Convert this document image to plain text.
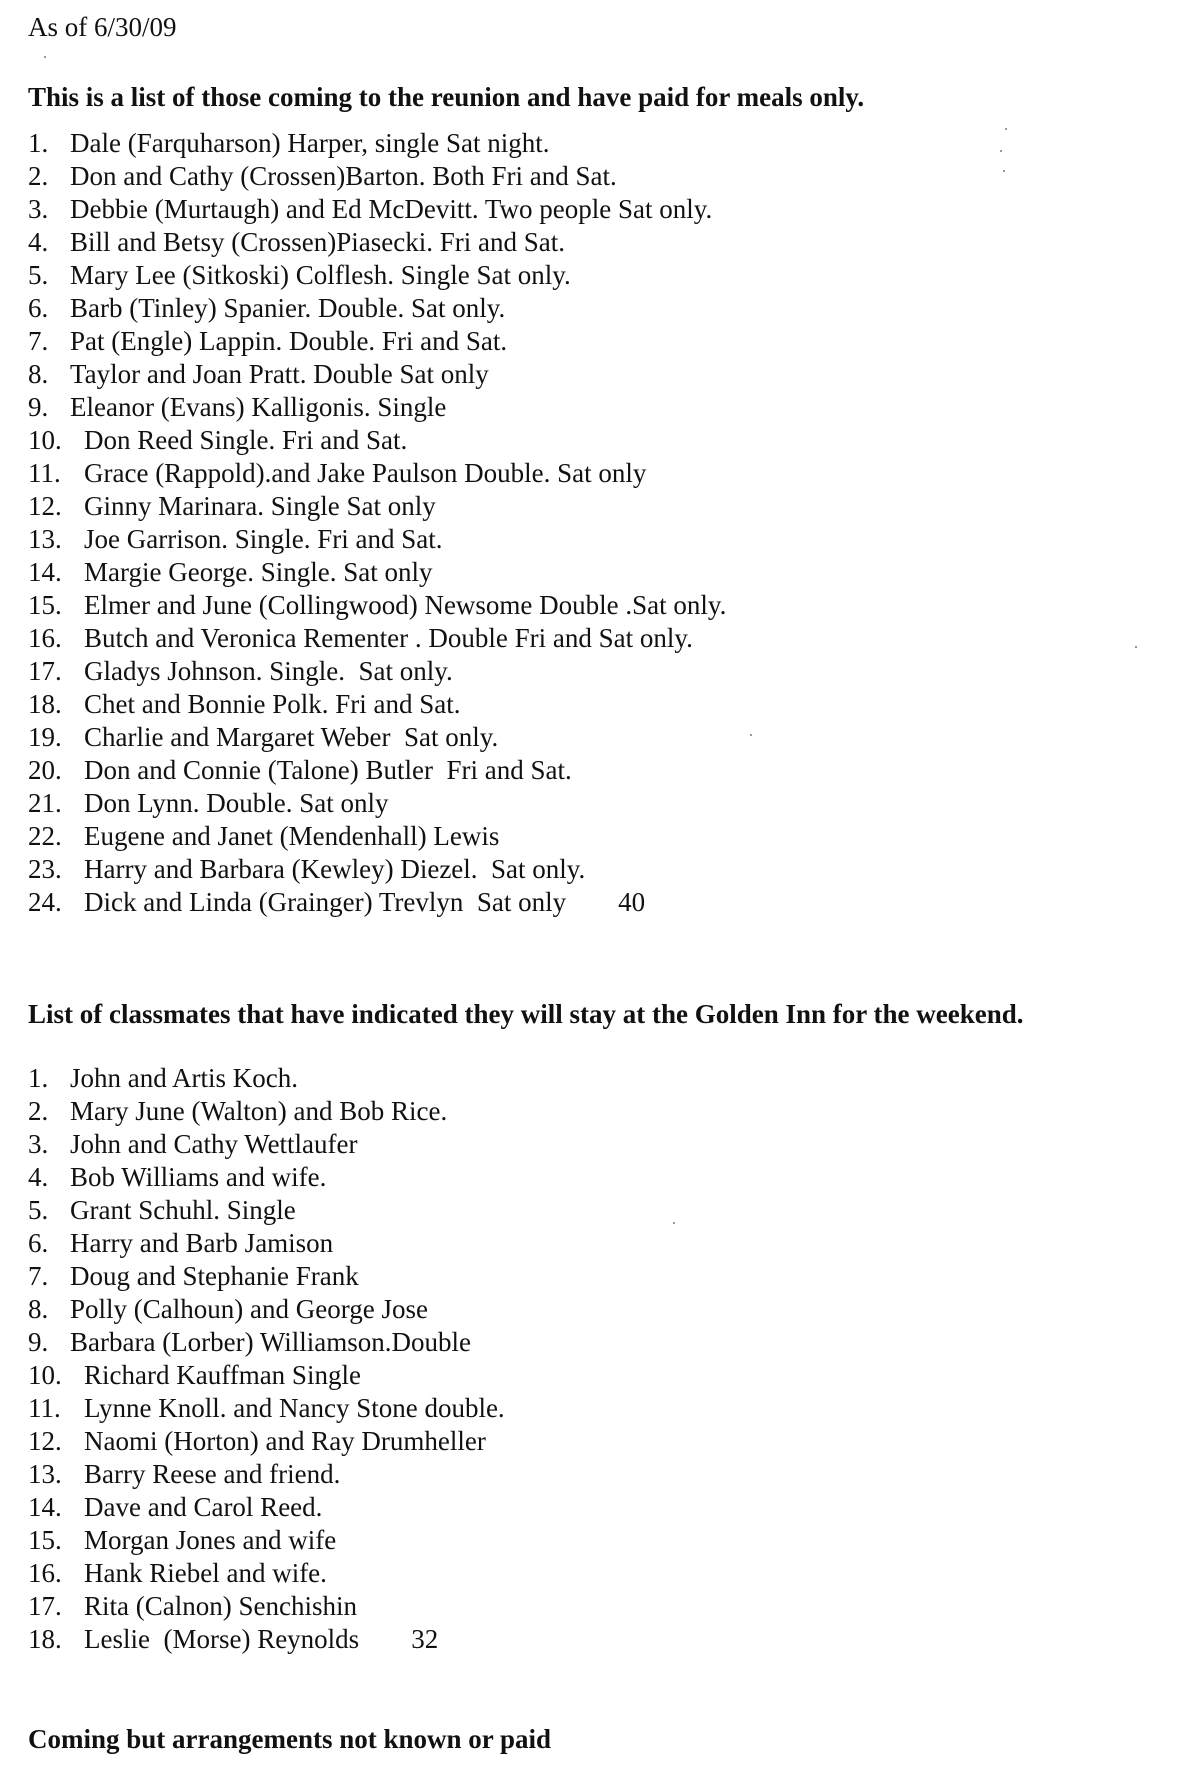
As of 6/30/09
This is a list of those coming to the reunion and have paid for meals only.
1. Dale (Farquharson) Harper, single Sat night.
2. Don and Cathy (Crossen)Barton. Both Fri and Sat.
3. Debbie (Murtaugh) and Ed McDevitt. Two people Sat only.
4. Bill and Betsy (Crossen)Piasecki. Fri and Sat.
5. Mary Lee (Sitkoski) Colflesh. Single Sat only.
6. Barb (Tinley) Spanier. Double. Sat only.
7. Pat (Engle) Lappin. Double. Fri and Sat.
8. Taylor and Joan Pratt. Double Sat only
9. Eleanor (Evans) Kalligonis. Single
10. Don Reed Single. Fri and Sat.
11. Grace (Rappold).and Jake Paulson Double. Sat only
12. Ginny Marinara. Single Sat only
13. Joe Garrison. Single. Fri and Sat.
14. Margie George. Single. Sat only
15. Elmer and June (Collingwood) Newsome Double .Sat only.
16. Butch and Veronica Rementer . Double Fri and Sat only.
17. Gladys Johnson. Single.  Sat only.
18. Chet and Bonnie Polk. Fri and Sat.
19. Charlie and Margaret Weber  Sat only.
20. Don and Connie (Talone) Butler  Fri and Sat.
21. Don Lynn. Double. Sat only
22. Eugene and Janet (Mendenhall) Lewis
23. Harry and Barbara (Kewley) Diezel.  Sat only.
24. Dick and Linda (Grainger) Trevlyn  Sat only 40
List of classmates that have indicated they will stay at the Golden Inn for the weekend.
1. John and Artis Koch.
2. Mary June (Walton) and Bob Rice.
3. John and Cathy Wettlaufer
4. Bob Williams and wife.
5. Grant Schuhl. Single
6. Harry and Barb Jamison
7. Doug and Stephanie Frank
8. Polly (Calhoun) and George Jose
9. Barbara (Lorber) Williamson.Double
10. Richard Kauffman Single
11. Lynne Knoll. and Nancy Stone double.
12. Naomi (Horton) and Ray Drumheller
13. Barry Reese and friend.
14. Dave and Carol Reed.
15. Morgan Jones and wife
16. Hank Riebel and wife.
17. Rita (Calnon) Senchishin
18. Leslie  (Morse) Reynolds 32
Coming but arrangements not known or paid
